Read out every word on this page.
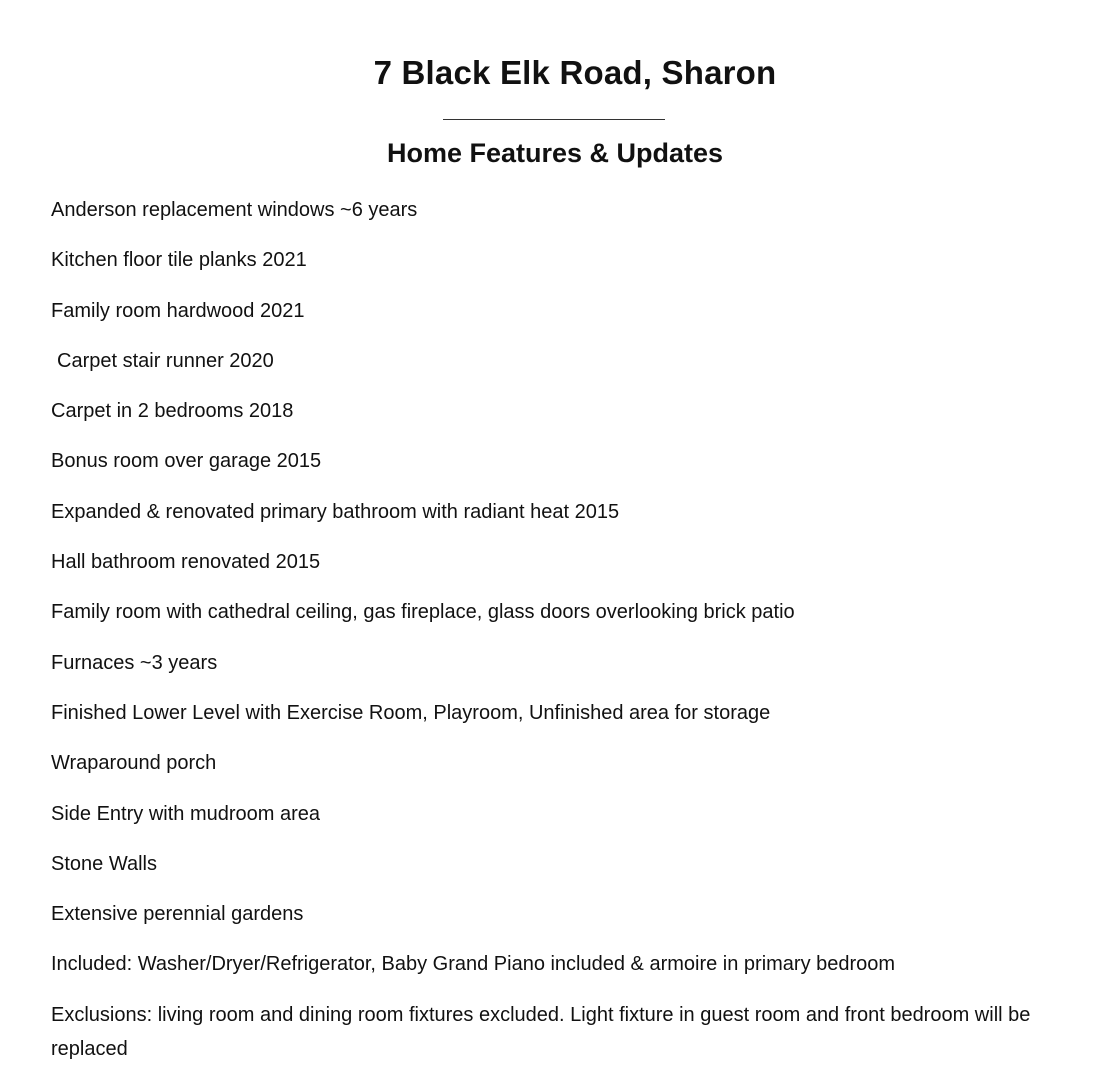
7 Black Elk Road, Sharon
Home Features & Updates
Anderson replacement windows ~6 years
Kitchen floor tile planks 2021
Family room hardwood 2021
Carpet stair runner 2020
Carpet in 2 bedrooms 2018
Bonus room over garage 2015
Expanded & renovated primary bathroom with radiant heat 2015
Hall bathroom renovated 2015
Family room with cathedral ceiling, gas fireplace, glass doors overlooking brick patio
Furnaces ~3 years
Finished Lower Level with Exercise Room, Playroom, Unfinished area for storage
Wraparound porch
Side Entry with mudroom area
Stone Walls
Extensive perennial gardens
Included: Washer/Dryer/Refrigerator, Baby Grand Piano included & armoire in primary bedroom
Exclusions: living room and dining room fixtures excluded. Light fixture in guest room and front bedroom will be replaced
